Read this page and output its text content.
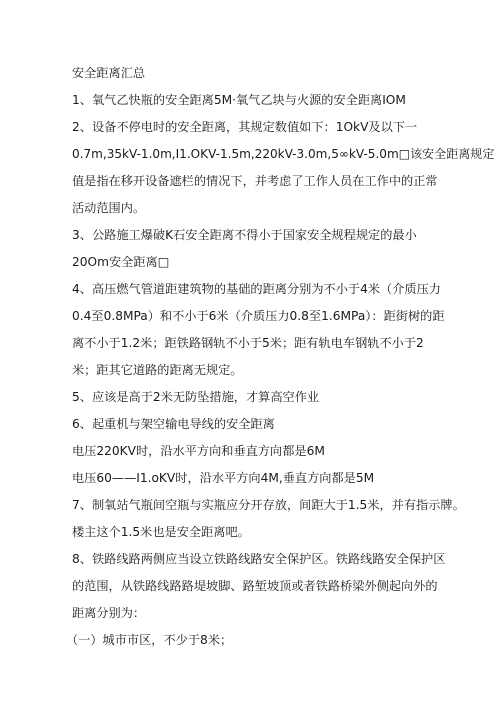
安全距离汇总
1、氧气乙快瓶的安全距离5M·氧气乙块与火源的安全距离IOM
2、设备不停电时的安全距离，其规定数值如下：1OkV及以下一
0.7m,35kV-1.0m,I1.OKV-1.5m,220kV-3.0m,5∞kV-5.0m□该安全距离规定
值是指在移开设备遮栏的情况下，并考虑了工作人员在工作中的正常
活动范围内。
3、公路施工爆破K石安全距离不得小于国家安全规程规定的最小
20Om安全距离□
4、高压燃气管道距建筑物的基础的距离分别为不小于4米（介质压力
0.4至0.8MPa）和不小于6米（介质压力0.8至1.6MPa）：距街树的距
离不小于1.2米；距铁路钢轨不小于5米；距有轨电车钢轨不小于2
米；距其它道路的距离无规定。
5、应该是高于2米无防坠措施，才算高空作业
6、起重机与架空输电导线的安全距离
电压220KV时，沿水平方向和垂直方向都是6M
电压60——I1.oKV时，沿水平方向4M,垂直方向都是5M
7、制氧站气瓶间空瓶与实瓶应分开存放，间距大于1.5米，并有指示牌。
楼主这个1.5米也是安全距离吧。
8、铁路线路两侧应当设立铁路线路安全保护区。铁路线路安全保护区
的范围，从铁路线路路堤坡脚、路堑坡顶或者铁路桥梁外侧起向外的
距离分别为：
（一）城市市区，不少于8米；
